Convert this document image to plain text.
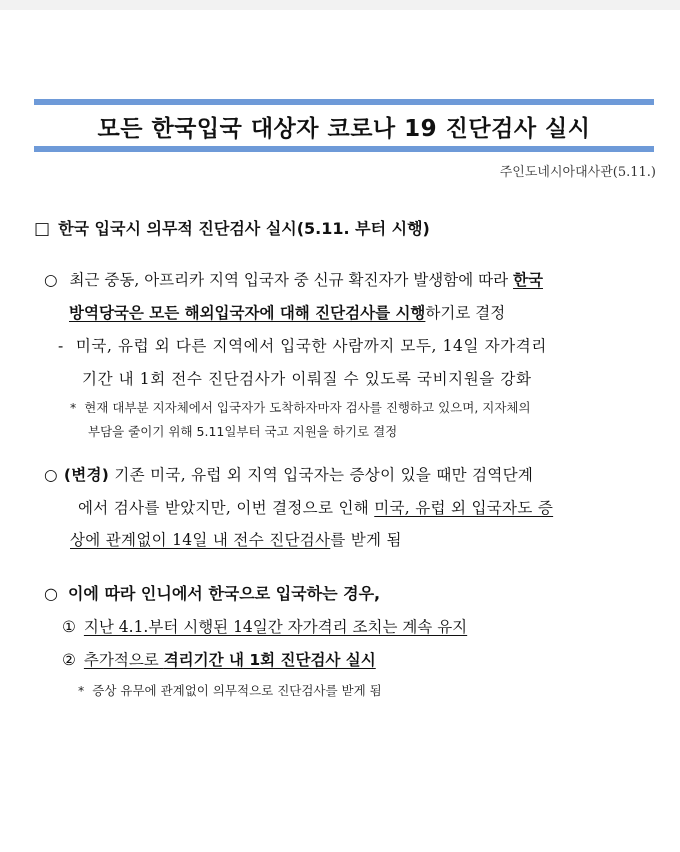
모든 한국입국 대상자 코로나 19 진단검사 실시
주인도네시아대사관(5.11.)
□ 한국 입국시 의무적 진단검사 실시(5.11. 부터 시행)
○ 최근 중동, 아프리카 지역 입국자 중 신규 확진자가 발생함에 따라 한국
방역당국은 모든 해외입국자에 대해 진단검사를 시행하기로 결정
- 미국, 유럽 외 다른 지역에서 입국한 사람까지 모두, 14일 자가격리
기간 내 1회 전수 진단검사가 이뤄질 수 있도록 국비지원을 강화
* 현재 대부분 지자체에서 입국자가 도착하자마자 검사를 진행하고 있으며, 지자체의
부담을 줄이기 위해 5.11일부터 국고 지원을 하기로 결정
○ (변경) 기존 미국, 유럽 외 지역 입국자는 증상이 있을 때만 검역단계
에서 검사를 받았지만, 이번 결정으로 인해 미국, 유럽 외 입국자도 증
상에 관계없이 14일 내 전수 진단검사를 받게 됨
○ 이에 따라 인니에서 한국으로 입국하는 경우,
① 지난 4.1.부터 시행된 14일간 자가격리 조치는 계속 유지
② 추가적으로 격리기간 내 1회 진단검사 실시
* 증상 유무에 관계없이 의무적으로 진단검사를 받게 됨
